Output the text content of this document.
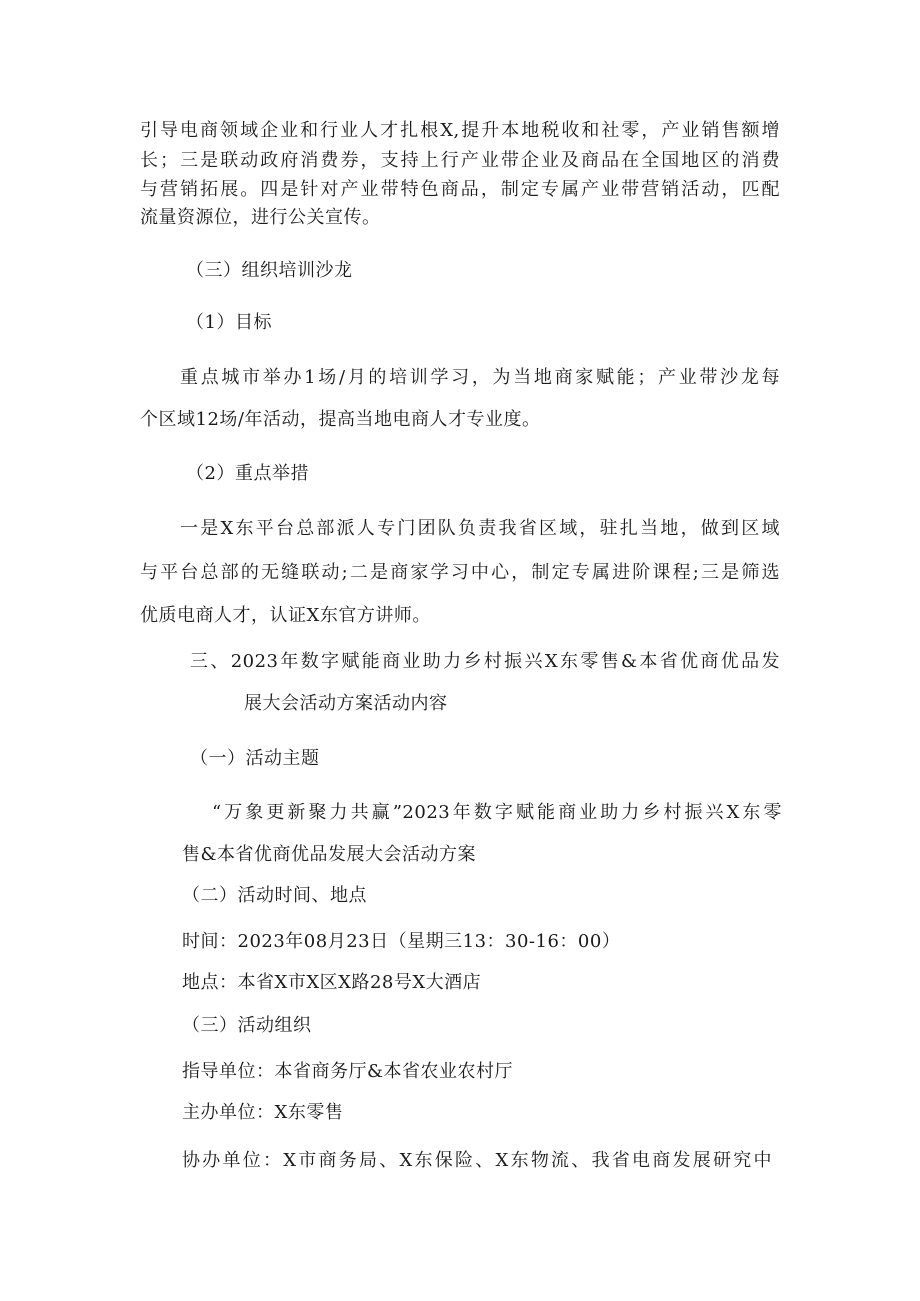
引导电商领域企业和行业人才扎根X,提升本地税收和社零，产业销售额增
长；三是联动政府消费券，支持上行产业带企业及商品在全国地区的消费
与营销拓展。四是针对产业带特色商品，制定专属产业带营销活动，匹配
流量资源位，进行公关宣传。
（三）组织培训沙龙
（1）目标
重点城市举办1场/月的培训学习，为当地商家赋能；产业带沙龙每
个区域12场/年活动，提高当地电商人才专业度。
（2）重点举措
一是X东平台总部派人专门团队负责我省区域，驻扎当地，做到区域
与平台总部的无缝联动;二是商家学习中心，制定专属进阶课程;三是筛选
优质电商人才，认证X东官方讲师。
三、2023年数字赋能商业助力乡村振兴X东零售&本省优商优品发
展大会活动方案活动内容
（一）活动主题
“万象更新聚力共赢”2023年数字赋能商业助力乡村振兴X东零
售&本省优商优品发展大会活动方案
（二）活动时间、地点
时间：2023年08月23日（星期三13：30-16：00）
地点：本省X市X区X路28号X大酒店
（三）活动组织
指导单位：本省商务厅&本省农业农村厅
主办单位：X东零售
协办单位：X市商务局、X东保险、X东物流、我省电商发展研究中
